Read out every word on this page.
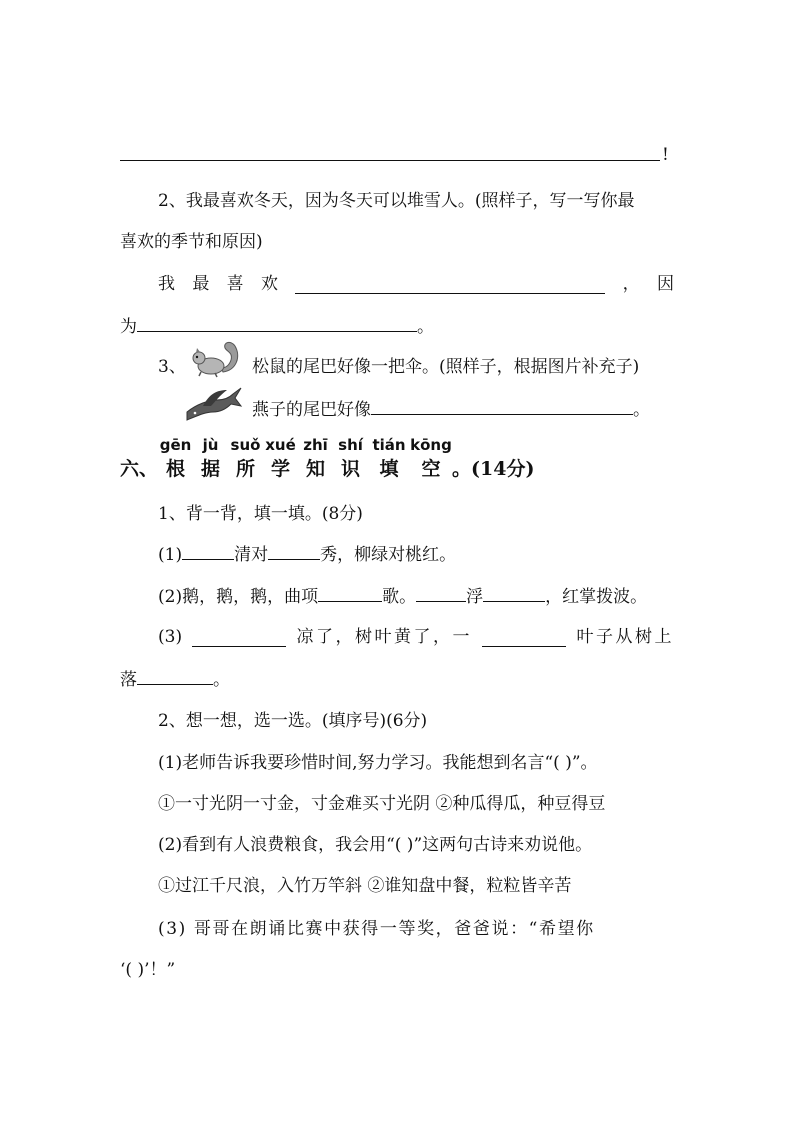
!
2、我最喜欢冬天，因为冬天可以堆雪人。(照样子，写一写你最
喜欢的季节和原因)
我 最 喜 欢	， 因
为	。
3、	松鼠的尾巴好像一把伞。(照样子，根据图片补充子)
燕子的尾巴好像	。
六、
gēn jù suǒ xué zhī shí tián kōng
根 据 所 学 知 识	填	空 。(14分)
1、背一背，填一填。(8分)
(1)	清对	秀，柳绿对桃红。
(2)鹅，鹅，鹅，曲项	歌。	浮	，红掌拨波。
(3)	凉了，树叶黄了，一	叶子从树上
落	。
2、想一想，选一选。(填序号)(6分)
(1)老师告诉我要珍惜时间,努力学习。我能想到名言“( )”。
①一寸光阴一寸金，寸金难买寸光阴 ②种瓜得瓜，种豆得豆
(2)看到有人浪费粮食，我会用“( )”这两句古诗来劝说他。
①过江千尺浪，入竹万竿斜 ②谁知盘中餐，粒粒皆辛苦
(3) 哥哥在朗诵比赛中获得一等奖，爸爸说：“希望你
‘( )’！”
